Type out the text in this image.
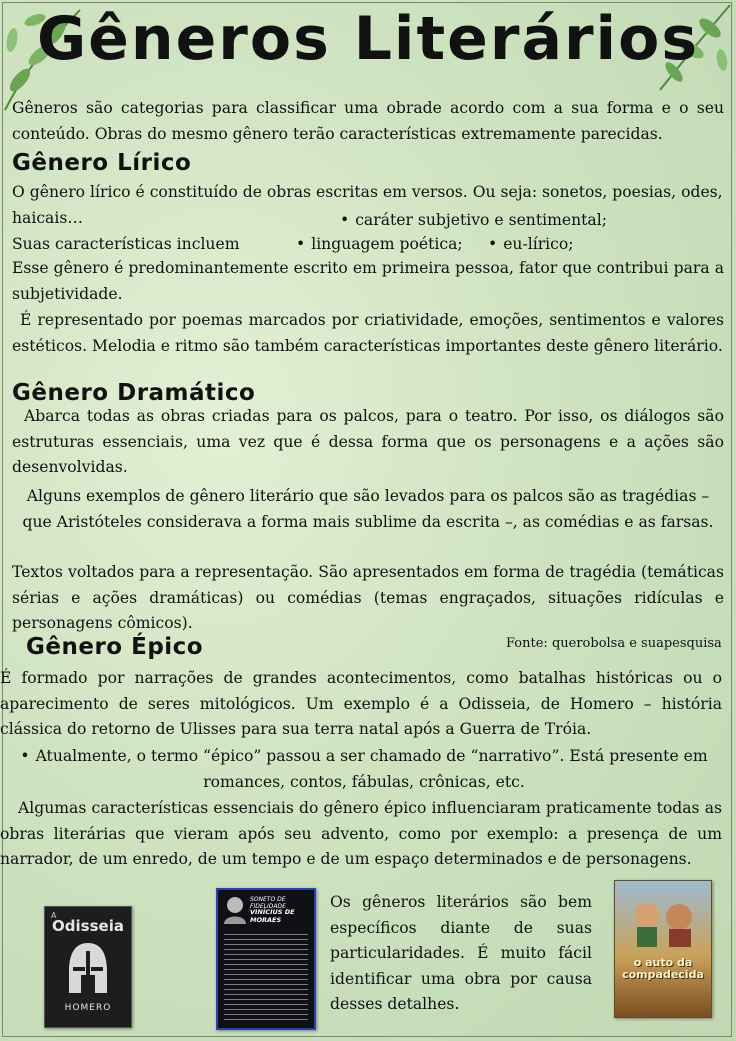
Gêneros Literários

Gêneros são categorias para classificar uma obrade acordo com a sua forma e o seu conteúdo. Obras do mesmo gênero terão características extremamente parecidas.

Gênero Lírico

O gênero lírico é constituído de obras escritas em versos. Ou seja: sonetos, poesias, odes, haicais…	• caráter subjetivo e sentimental;
Suas características incluem	• linguagem poética;	• eu-lírico;

Esse gênero é predominantemente escrito em primeira pessoa, fator que contribui para a subjetividade.

É representado por poemas marcados por criatividade, emoções, sentimentos e valores estéticos. Melodia e ritmo são também características importantes deste gênero literário.

Gênero Dramático

Abarca todas as obras criadas para os palcos, para o teatro. Por isso, os diálogos são estruturas essenciais, uma vez que é dessa forma que os personagens e a ações são desenvolvidas.

Alguns exemplos de gênero literário que são levados para os palcos são as tragédias – que Aristóteles considerava a forma mais sublime da escrita –, as comédias e as farsas.

Textos voltados para a representação. São apresentados em forma de tragédia (temáticas sérias e ações dramáticas) ou comédias (temas engraçados, situações ridículas e personagens cômicos).

Gênero Épico	Fonte: querobolsa e suapesquisa

É formado por narrações de grandes acontecimentos, como batalhas históricas ou o aparecimento de seres mitológicos. Um exemplo é a Odisseia, de Homero – história clássica do retorno de Ulisses para sua terra natal após a Guerra de Tróia.

• Atualmente, o termo “épico” passou a ser chamado de “narrativo”. Está presente em romances, contos, fábulas, crônicas, etc.

Algumas características essenciais do gênero épico influenciaram praticamente todas as obras literárias que vieram após seu advento, como por exemplo: a presença de um narrador, de um enredo, de um tempo e de um espaço determinados e de personagens.

A
Odisseia
HOMERO
SONETO DE FIDELIDADE
VINÍCIUS DE MORAES

Os gêneros literários são bem específicos diante de suas particularidades. É muito fácil identificar uma obra por causa desses detalhes.

o auto da compadecida
